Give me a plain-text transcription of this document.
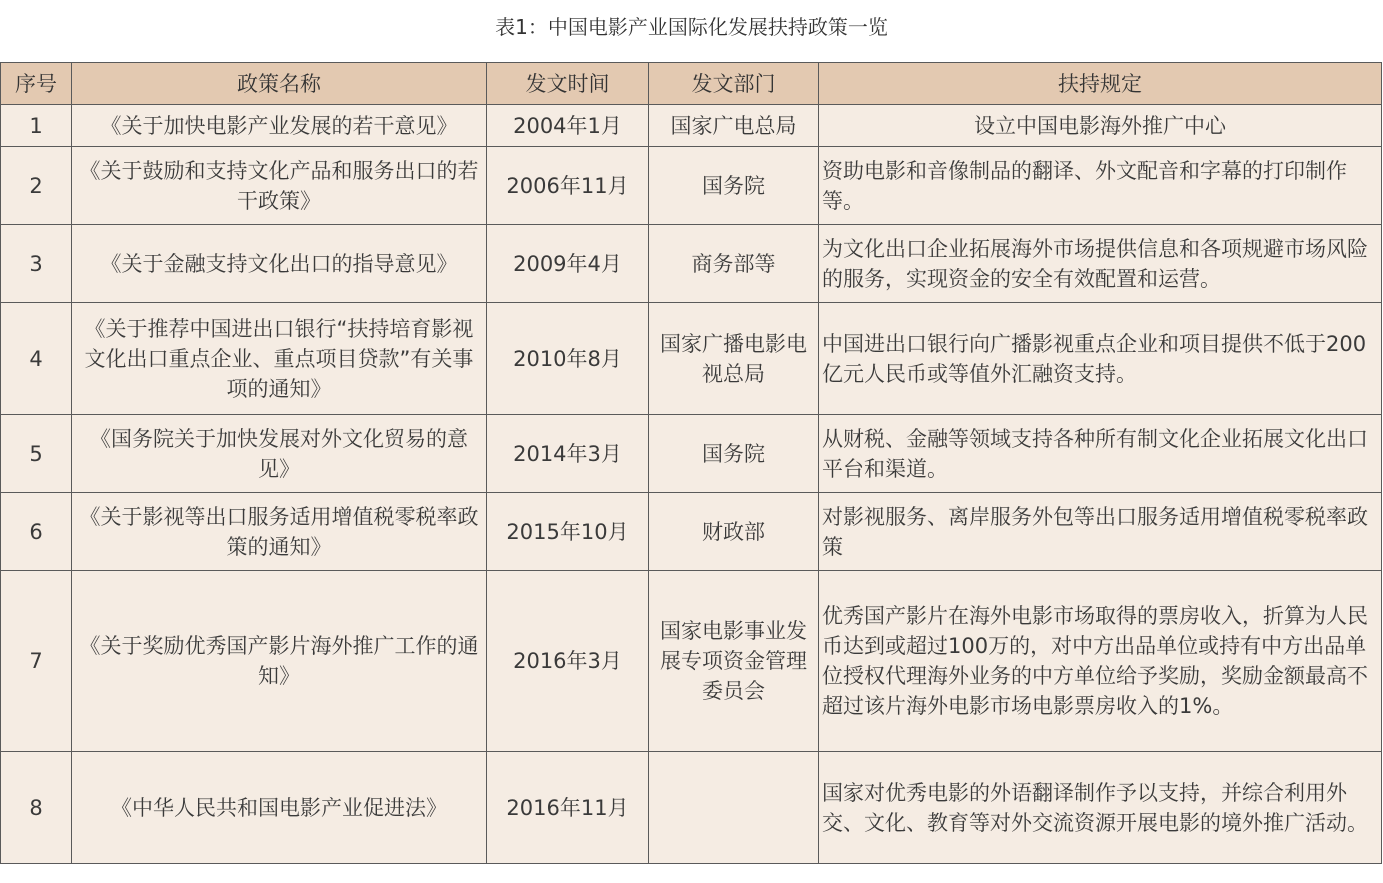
表1：中国电影产业国际化发展扶持政策一览
序号	政策名称	发文时间	发文部门	扶持规定
1	《关于加快电影产业发展的若干意见》	2004年1月	国家广电总局	设立中国电影海外推广中心
2	《关于鼓励和支持文化产品和服务出口的若干政策》	2006年11月	国务院	资助电影和音像制品的翻译、外文配音和字幕的打印制作等。
3	《关于金融支持文化出口的指导意见》	2009年4月	商务部等	为文化出口企业拓展海外市场提供信息和各项规避市场风险的服务，实现资金的安全有效配置和运营。
4	《关于推荐中国进出口银行“扶持培育影视文化出口重点企业、重点项目贷款”有关事项的通知》	2010年8月	国家广播电影电视总局	中国进出口银行向广播影视重点企业和项目提供不低于200亿元人民币或等值外汇融资支持。
5	《国务院关于加快发展对外文化贸易的意见》	2014年3月	国务院	从财税、金融等领域支持各种所有制文化企业拓展文化出口平台和渠道。
6	《关于影视等出口服务适用增值税零税率政策的通知》	2015年10月	财政部	对影视服务、离岸服务外包等出口服务适用增值税零税率政策
7	《关于奖励优秀国产影片海外推广工作的通知》	2016年3月	国家电影事业发展专项资金管理委员会	优秀国产影片在海外电影市场取得的票房收入，折算为人民币达到或超过100万的，对中方出品单位或持有中方出品单位授权代理海外业务的中方单位给予奖励，奖励金额最高不超过该片海外电影市场电影票房收入的1%。
8	《中华人民共和国电影产业促进法》	2016年11月		国家对优秀电影的外语翻译制作予以支持，并综合利用外交、文化、教育等对外交流资源开展电影的境外推广活动。
